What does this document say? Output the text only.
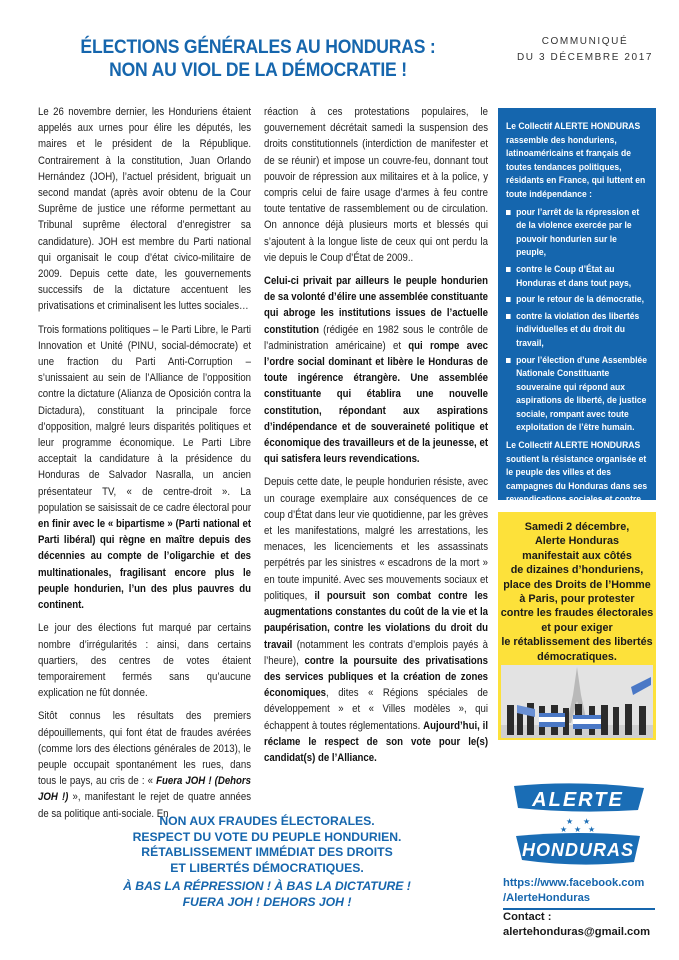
ÉLECTIONS GÉNÉRALES AU HONDURAS :
NON AU VIOL DE LA DÉMOCRATIE !
COMMUNIQUÉ
DU 3 DÉCEMBRE 2017

Le 26 novembre dernier, les Honduriens étaient appelés aux urnes pour élire les députés, les maires et le président de la République. Contrairement à la constitution, Juan Orlando Hernández (JOH), l’actuel président, briguait un second mandat (après avoir obtenu de la Cour Suprême de justice une réforme permettant au Tribunal suprême électoral d’enregistrer sa candidature). JOH est membre du Parti national qui organisait le coup d’état civico-militaire de 2009. Depuis cette date, les gouvernements successifs de la dictature accentuent les privatisations et criminalisent les luttes sociales…

Trois formations politiques – le Parti Libre, le Parti Innovation et Unité (PINU, social-démocrate) et une fraction du Parti Anti-Corruption – s’unissaient au sein de l’Alliance de l’opposition contre la dictature (Alianza de Oposición contra la Dictadura), constituant la principale force d’opposition, malgré leurs disparités politiques et leur programme économique. Le Parti Libre acceptait la candidature à la présidence du Honduras de Salvador Nasralla, un ancien présentateur TV, « de centre-droit ». La population se saisissait de ce cadre électoral pour en finir avec le « bipartisme » (Parti national et Parti libéral) qui règne en maître depuis des décennies au compte de l’oligarchie et des multinationales, fragilisant encore plus le peuple hondurien, l’un des plus pauvres du continent.

Le jour des élections fut marqué par certains nombre d’irrégularités : ainsi, dans certains quartiers, des centres de votes étaient temporairement fermés sans qu’aucune explication ne fût donnée.

Sitôt connus les résultats des premiers dépouillements, qui font état de fraudes avérées (comme lors des élections générales de 2013), le peuple occupait spontanément les rues, dans tous le pays, au cris de : « Fuera JOH ! (Dehors JOH !) », manifestant le rejet de quatre années de sa politique anti-sociale. En

réaction à ces protestations populaires, le gouvernement décrétait samedi la suspension des droits constitutionnels (interdiction de manifester et de se réunir) et impose un couvre-feu, donnant tout pouvoir de répression aux militaires et à la police, y compris celui de faire usage d’armes à feu contre toute tentative de rassemblement ou de circulation. On annonce déjà plusieurs morts et blessés qui s’ajoutent à la longue liste de ceux qui ont perdu la vie depuis le Coup d’État de 2009..

Celui-ci privait par ailleurs le peuple hondurien de sa volonté d’élire une assemblée constituante qui abroge les institutions issues de l’actuelle constitution (rédigée en 1982 sous le contrôle de l’administration américaine) et qui rompe avec l’ordre social dominant et libère le Honduras de toute ingérence étrangère. Une assemblée constituante qui établira une nouvelle constitution, répondant aux aspirations d’indépendance et de souveraineté politique et économique des travailleurs et de la jeunesse, et qui satisfera leurs revendications.

Depuis cette date, le peuple hondurien résiste, avec un courage exemplaire aux conséquences de ce coup d’État dans leur vie quotidienne, par les grèves et les manifestations, malgré les arrestations, les menaces, les licenciements et les assassinats perpétrés par les sinistres « escadrons de la mort » en toute impunité. Avec ses mouvements sociaux et politiques, il poursuit son combat contre les augmentations constantes du coût de la vie et la paupérisation, contre les violations du droit du travail (notamment les contrats d’emplois payés à l’heure), contre la poursuite des privatisations des services publiques et la création de zones économiques, dites « Régions spéciales de développement » et « Villes modèles », qui échappent à toutes réglementations. Aujourd’hui, il réclame le respect de son vote pour le(s) candidat(s) de l’Alliance.

Le Collectif ALERTE HONDURAS rassemble des honduriens, latinoaméricains et français de toutes tendances politiques, résidants en France, qui luttent en toute indépendance :

pour l’arrêt de la répression et de la violence exercée par le pouvoir hondurien sur le peuple,
contre le Coup d’État au Honduras et dans tout pays,
pour le retour de la démocratie,
contre la violation des libertés individuelles et du droit du travail,
pour l’élection d’une Assemblée Nationale Constituante souveraine qui répond aux aspirations de liberté, de justice sociale, rompant avec toute exploitation de l’être humain.

Le Collectif ALERTE HONDURAS soutient la résistance organisée et le peuple des villes et des campagnes du Honduras dans ses revendications sociales et contre

Samedi 2 décembre,
Alerte Honduras
manifestait aux côtés
de dizaines d’honduriens,
place des Droits de l’Homme
à Paris, pour protester
contre les fraudes électorales
et pour exiger
le rétablissement des libertés
démocratiques.
ALERTE
★ ★
★ ★ ★
HONDURAS
https://www.facebook.com
/AlerteHonduras
Contact :
alertehonduras@gmail.com
NON AUX FRAUDES ÉLECTORALES.
RESPECT DU VOTE DU PEUPLE HONDURIEN.
RÉTABLISSEMENT IMMÉDIAT DES DROITS
ET LIBERTÉS DÉMOCRATIQUES.
À BAS LA RÉPRESSION ! À BAS LA DICTATURE !
FUERA JOH ! DEHORS JOH !
